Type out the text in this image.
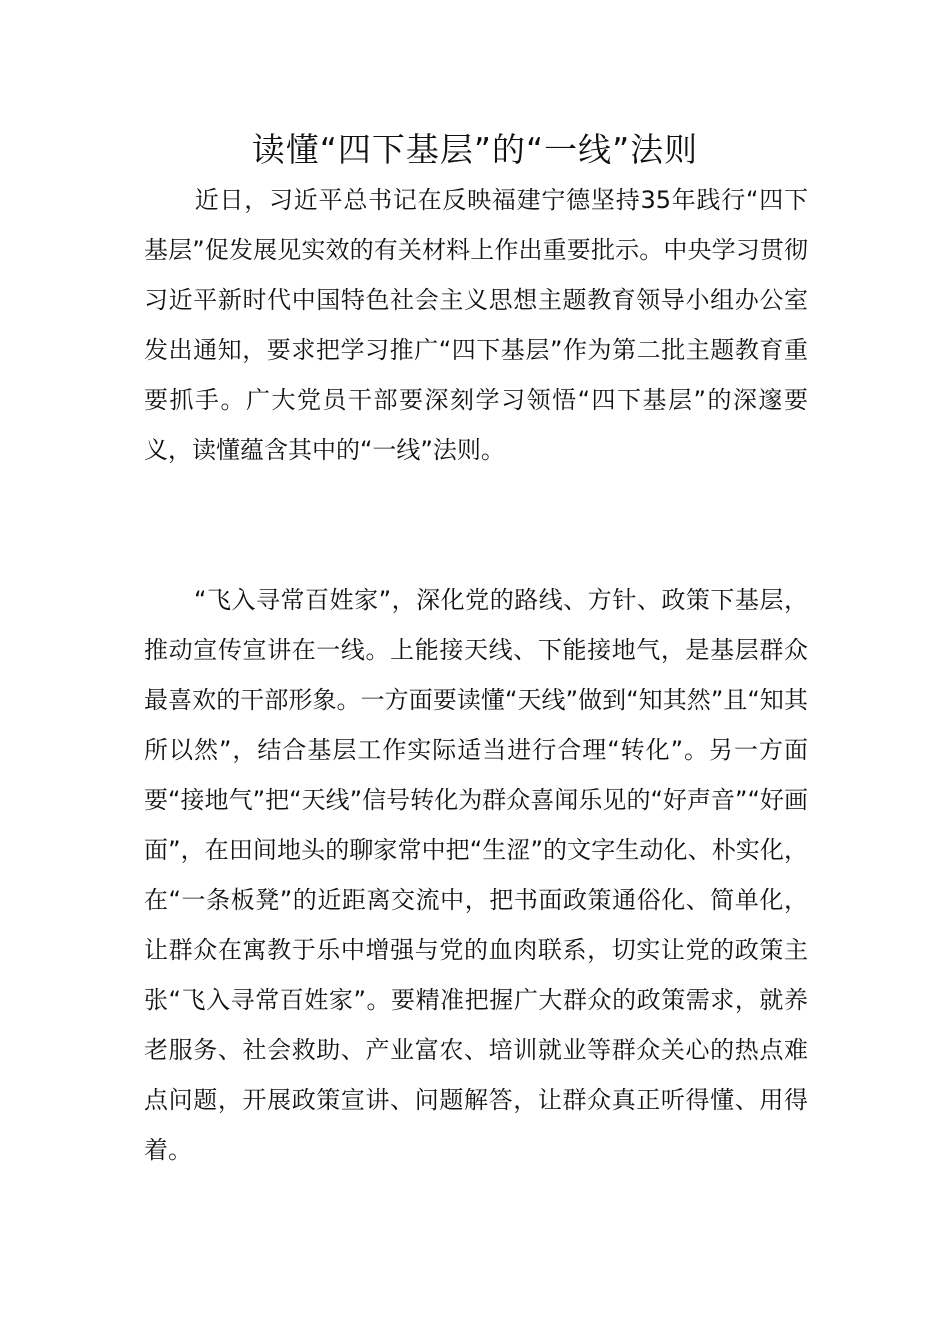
读懂“四下基层”的“一线”法则

近日，习近平总书记在反映福建宁德坚持35年践行“四下基层”促发展见实效的有关材料上作出重要批示。中央学习贯彻习近平新时代中国特色社会主义思想主题教育领导小组办公室发出通知，要求把学习推广“四下基层”作为第二批主题教育重要抓手。广大党员干部要深刻学习领悟“四下基层”的深邃要义，读懂蕴含其中的“一线”法则。

“飞入寻常百姓家”，深化党的路线、方针、政策下基层，推动宣传宣讲在一线。上能接天线、下能接地气，是基层群众最喜欢的干部形象。一方面要读懂“天线”做到“知其然”且“知其所以然”，结合基层工作实际适当进行合理“转化”。另一方面要“接地气”把“天线”信号转化为群众喜闻乐见的“好声音”“好画面”，在田间地头的聊家常中把“生涩”的文字生动化、朴实化，在“一条板凳”的近距离交流中，把书面政策通俗化、简单化，让群众在寓教于乐中增强与党的血肉联系，切实让党的政策主张“飞入寻常百姓家”。要精准把握广大群众的政策需求，就养老服务、社会救助、产业富农、培训就业等群众关心的热点难点问题，开展政策宣讲、问题解答，让群众真正听得懂、用得着。
